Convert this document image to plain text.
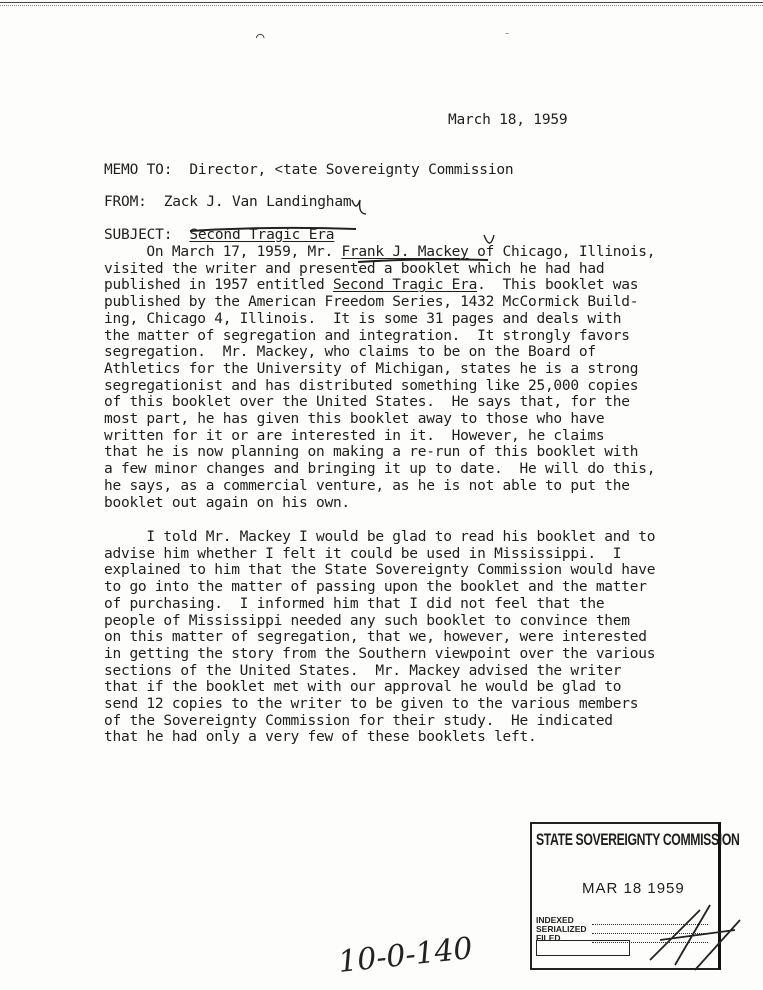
⌒	⁻
March 18, 1959

MEMO TO: Director, ˂tate Sovereignty Commission

FROM: Zack J. Van Landingham

SUBJECT: Second Tragic Era
On March 17, 1959, Mr. Frank J. Mackey of Chicago, Illinois,
visited the writer and presented a booklet which he had had
published in 1957 entitled Second Tragic Era.  This booklet was
published by the American Freedom Series, 1432 McCormick Build-
ing, Chicago 4, Illinois.  It is some 31 pages and deals with
the matter of segregation and integration.  It strongly favors
segregation.  Mr. Mackey, who claims to be on the Board of
Athletics for the University of Michigan, states he is a strong
segregationist and has distributed something like 25,000 copies
of this booklet over the United States.  He says that, for the
most part, he has given this booklet away to those who have
written for it or are interested in it.  However, he claims
that he is now planning on making a re-run of this booklet with
a few minor changes and bringing it up to date.  He will do this,
he says, as a commercial venture, as he is not able to put the
booklet out again on his own.
I told Mr. Mackey I would be glad to read his booklet and to
advise him whether I felt it could be used in Mississippi.  I
explained to him that the State Sovereignty Commission would have
to go into the matter of passing upon the booklet and the matter
of purchasing.  I informed him that I did not feel that the
people of Mississippi needed any such booklet to convince them
on this matter of segregation, that we, however, were interested
in getting the story from the Southern viewpoint over the various
sections of the United States.  Mr. Mackey advised the writer
that if the booklet met with our approval he would be glad to
send 12 copies to the writer to be given to the various members
of the Sovereignty Commission for their study.  He indicated
that he had only a very few of these booklets left.
STATE SOVEREIGNTY COMMISSION
MAR 18 1959
INDEXED
SERIALIZED
FILED
10-0-140
